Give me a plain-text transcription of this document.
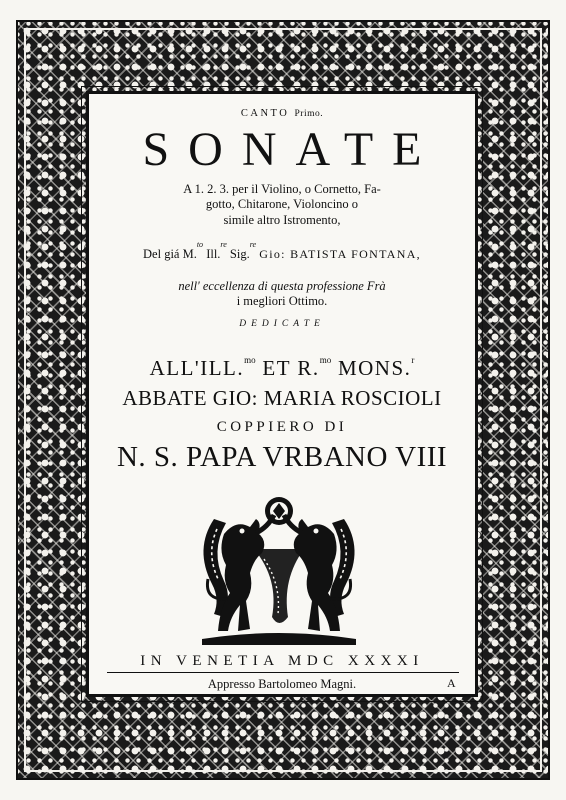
CANTO Primo.
SONATE
A 1. 2. 3. per il Violino, o Cornetto, Fa-
gotto, Chitarone, Violoncino o
simile altro Istromento,
Del giá M.$^{to}$ Ill.$^{re}$ Sig.$^{re}$ Gio: BATISTA FONTANA,
nell' eccellenza di questa professione Frà
i megliori Ottimo.
DEDICATE
ALL'ILL.$^{mo}$ ET R.$^{mo}$ MONS.$^r$
ABBATE GIO: MARIA ROSCIOLI
COPPIERO DI
N. S. PAPA VRBANO VIII
IN VENETIA MDC XXXXI
Appresso Bartolomeo Magni.	A
